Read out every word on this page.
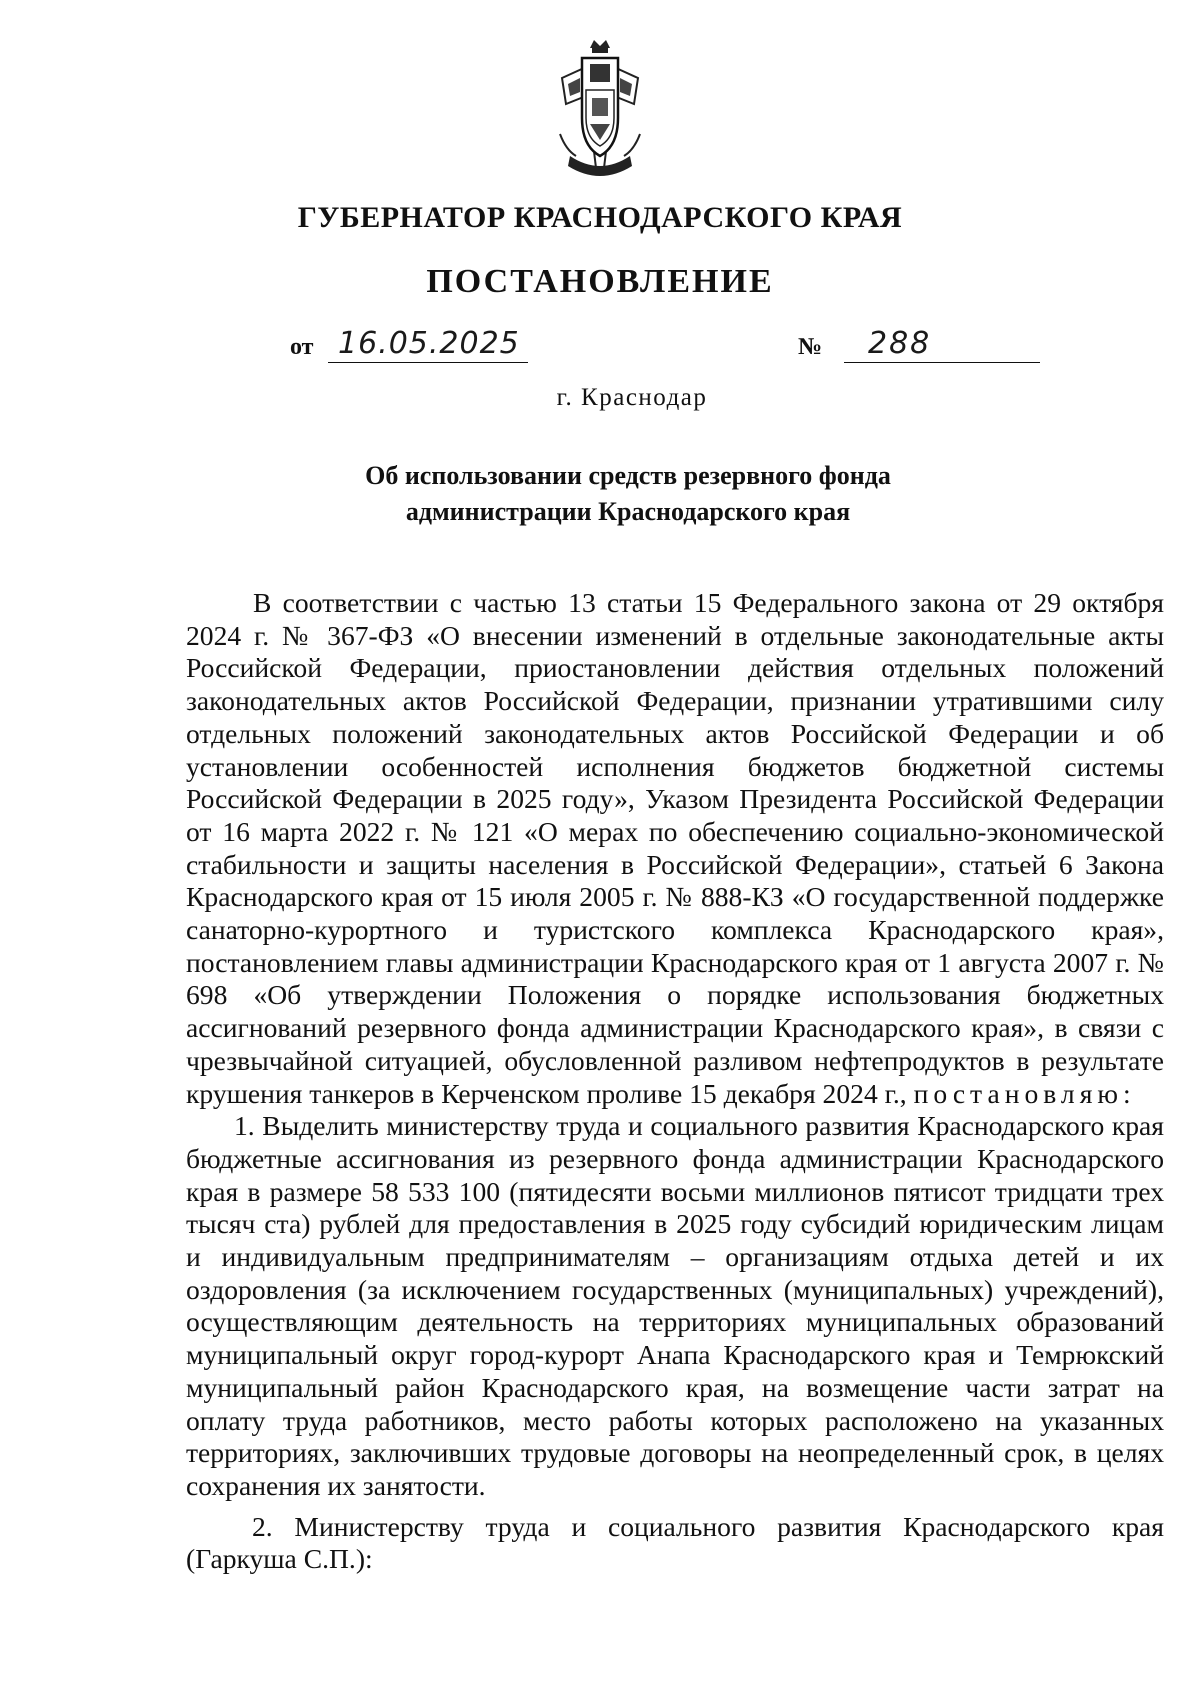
ГУБЕРНАТОР КРАСНОДАРСКОГО КРАЯ
ПОСТАНОВЛЕНИЕ
от 16.05.2025	№ 288
г. Краснодар
Об использовании средств резервного фонда
администрации Краснодарского края

В соответствии с частью 13 статьи 15 Федерального закона от 29 октября 2024 г. № 367-ФЗ «О внесении изменений в отдельные законодательные акты Российской Федерации, приостановлении действия отдельных положений законодательных актов Российской Федерации, признании утратившими силу отдельных положений законодательных актов Российской Федерации и об установлении особенностей исполнения бюджетов бюджетной системы Российской Федерации в 2025 году», Указом Президента Российской Федерации от 16 марта 2022 г. № 121 «О мерах по обеспечению социально-экономической стабильности и защиты населения в Российской Федерации», статьей 6 Закона Краснодарского края от 15 июля 2005 г. № 888-КЗ «О государственной поддержке санаторно-курортного и туристского комплекса Краснодарского края», постановлением главы администрации Краснодарского края от 1 августа 2007 г. № 698 «Об утверждении Положения о порядке использования бюджетных ассигнований резервного фонда администрации Краснодарского края», в связи с чрезвычайной ситуацией, обусловленной разливом нефтепродуктов в результате крушения танкеров в Керченском проливе 15 декабря 2024 г., постановляю:

1. Выделить министерству труда и социального развития Краснодарского края бюджетные ассигнования из резервного фонда администрации Краснодарского края в размере 58 533 100 (пятидесяти восьми миллионов пятисот тридцати трех тысяч ста) рублей для предоставления в 2025 году субсидий юридическим лицам и индивидуальным предпринимателям – организациям отдыха детей и их оздоровления (за исключением государственных (муниципальных) учреждений), осуществляющим деятельность на территориях муниципальных образований муниципальный округ город-курорт Анапа Краснодарского края и Темрюкский муниципальный район Краснодарского края, на возмещение части затрат на оплату труда работников, место работы которых расположено на указанных территориях, заключивших трудовые договоры на неопределенный срок, в целях сохранения их занятости.

2. Министерству труда и социального развития Краснодарского края (Гаркуша С.П.):
